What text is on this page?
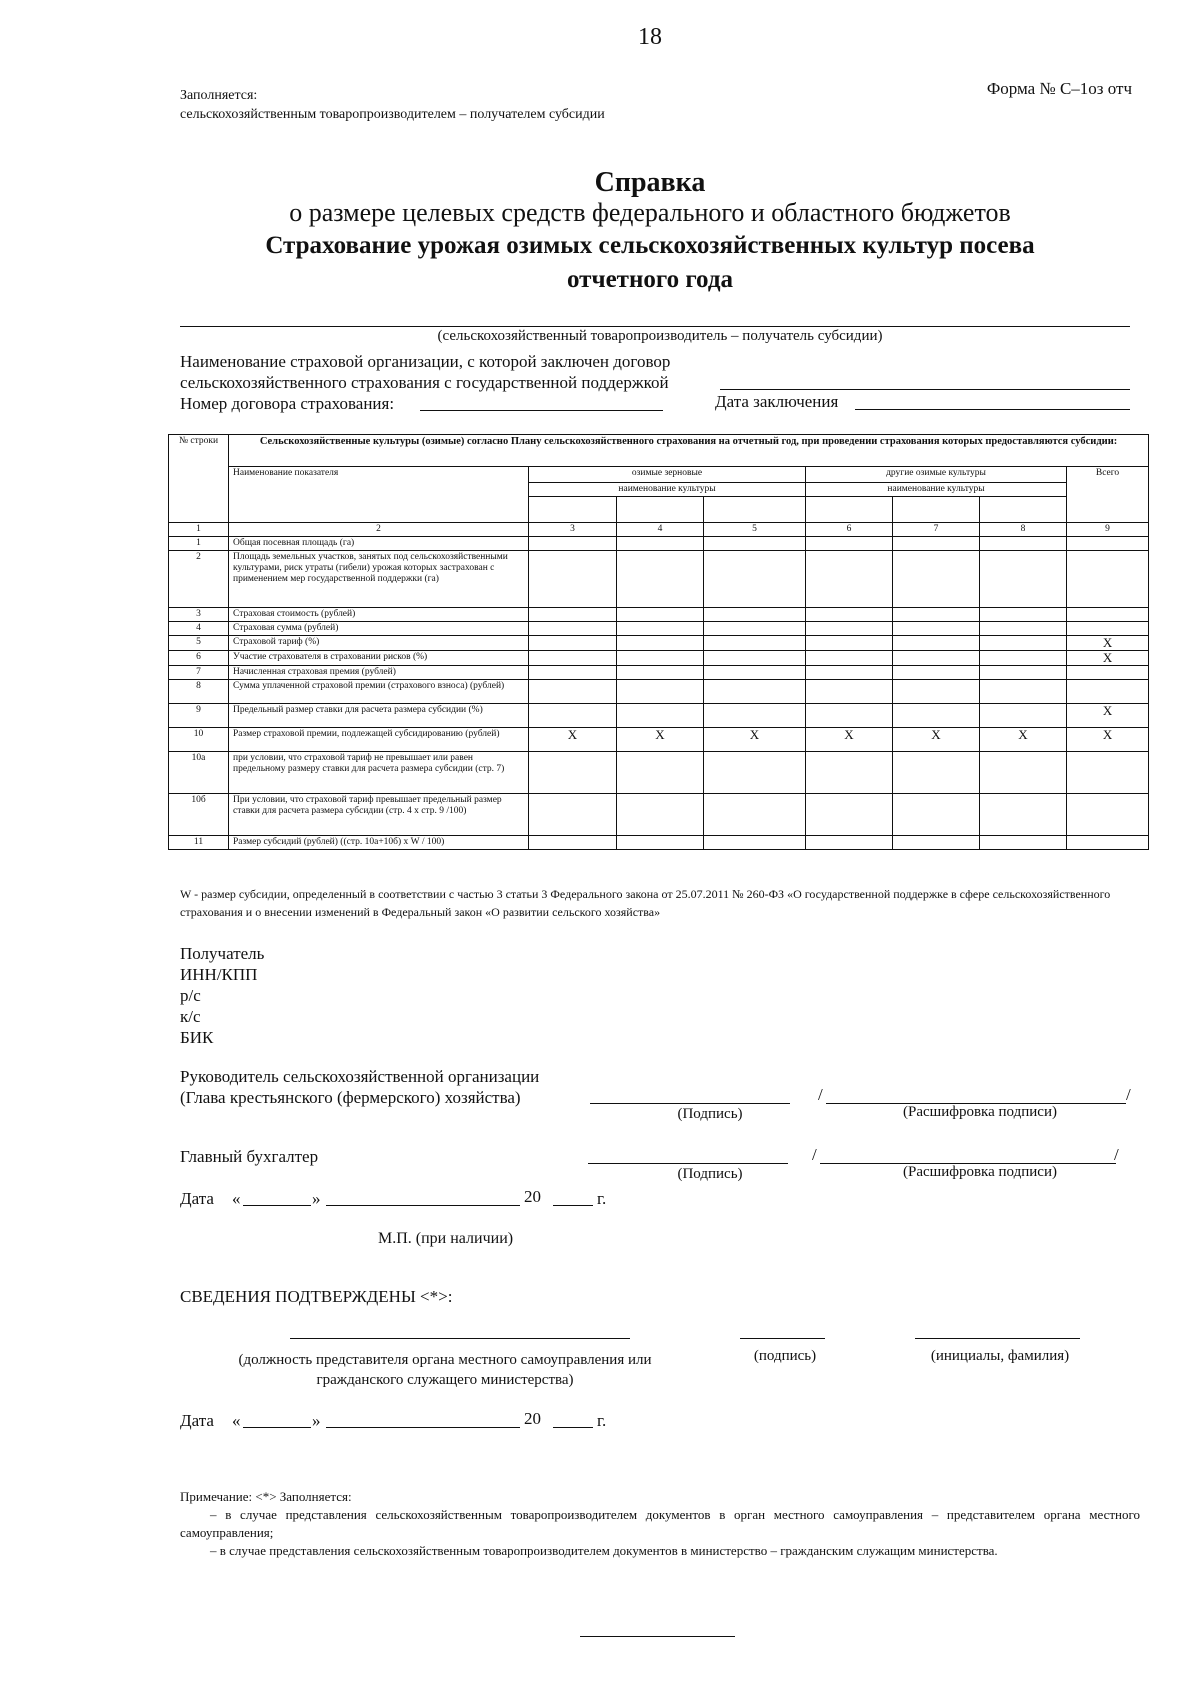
18
Заполняется:
сельскохозяйственным товаропроизводителем – получателем субсидии
Форма № С–1оз отч
Справка
о размере целевых средств федерального и областного бюджетов
Страхование урожая озимых сельскохозяйственных культур посева
отчетного года
(сельскохозяйственный товаропроизводитель – получатель субсидии)
Наименование страховой организации, с которой заключен договор
сельскохозяйственного страхования с государственной поддержкой
Номер договора страхования:	Дата заключения
№ строки	Сельскохозяйственные культуры (озимые) согласно Плану сельскохозяйственного страхования на отчетный год, при проведении страхования которых предоставляются субсидии:							
	Наименование показателя	озимые зерновые			другие озимые культуры			Всего
		наименование культуры			наименование культуры			

1	2	3	4	5	6	7	8	9
1	Общая посевная площадь (га)							
2	Площадь земельных участков, занятых под сельскохозяйственными культурами, риск утраты (гибели) урожая которых застрахован с применением мер государственной поддержки (га)							
3	Страховая стоимость (рублей)							
4	Страховая сумма (рублей)							
5	Страховой тариф (%)							X
6	Участие страхователя в страховании рисков (%)							X
7	Начисленная страховая премия (рублей)							
8	Сумма уплаченной страховой премии (страхового взноса) (рублей)							
9	Предельный размер ставки для расчета размера субсидии (%)							X
10	Размер страховой премии, подлежащей субсидированию (рублей)	X	X	X	X	X	X	X
10а	при условии, что страховой тариф не превышает или равен предельному размеру ставки для расчета размера субсидии (стр. 7)							
10б	При условии, что страховой тариф превышает предельный размер ставки для расчета размера субсидии (стр. 4 х стр. 9 /100)							
11	Размер субсидий (рублей) ((стр. 10а+10б) х W / 100)							
W - размер субсидии, определенный в соответствии с частью 3 статьи 3 Федерального закона от 25.07.2011 № 260-ФЗ «О государственной поддержке в сфере сельскохозяйственного страхования и о внесении изменений в Федеральный закон «О развитии сельского хозяйства»
Получатель
ИНН/КПП
р/с
к/с
БИК
Руководитель сельскохозяйственной организации
(Глава крестьянского (фермерского) хозяйства)	/	/
(Подпись)	(Расшифровка подписи)
Главный бухгалтер	/	/
(Подпись)	(Расшифровка подписи)
Дата «	»	20	г.
М.П. (при наличии)
СВЕДЕНИЯ ПОДТВЕРЖДЕНЫ <*>:
(должность представителя органа местного самоуправления или
гражданского служащего министерства)
(подпись)	(инициалы, фамилия)
Дата «	»	20	г.
Примечание: <*> Заполняется:
– в случае представления сельскохозяйственным товаропроизводителем документов в орган местного самоуправления – представителем органа местного самоуправления;
– в случае представления сельскохозяйственным товаропроизводителем документов в министерство – гражданским служащим министерства.
